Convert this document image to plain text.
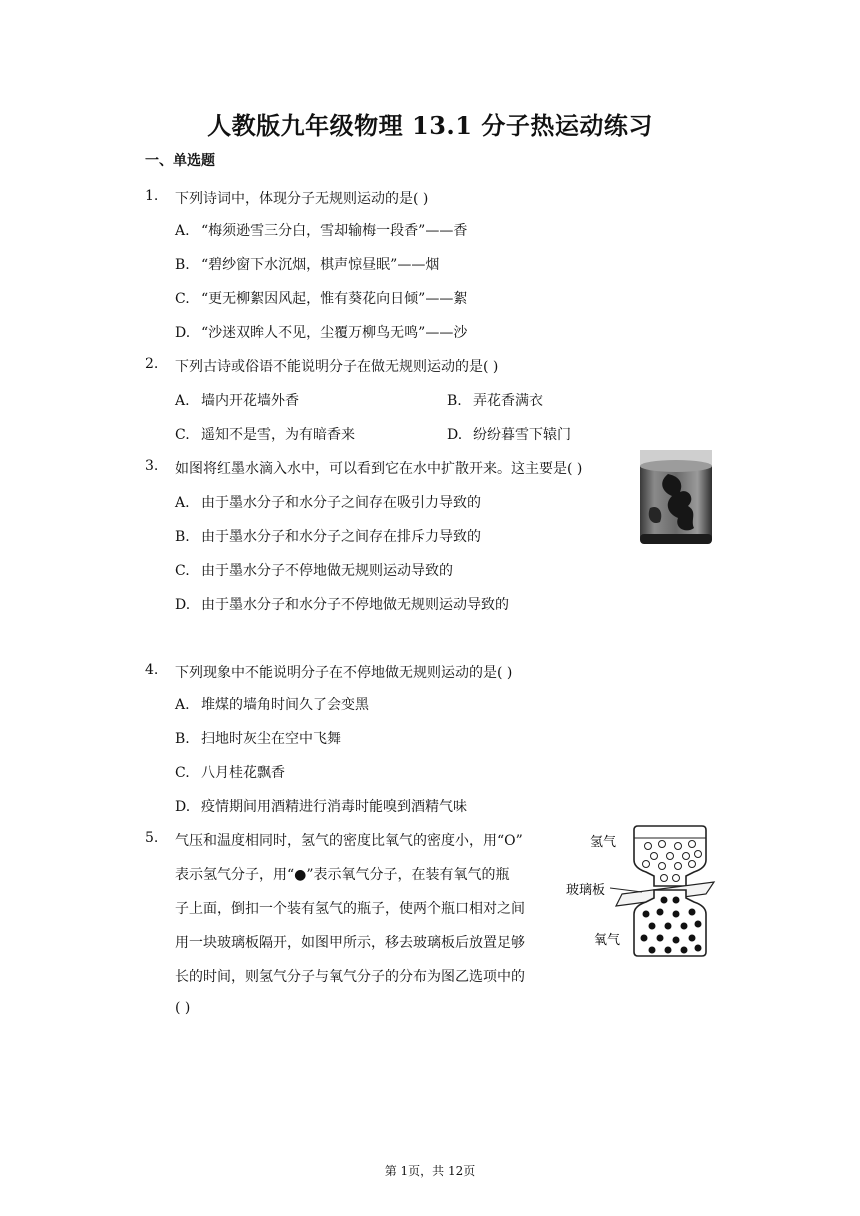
人教版九年级物理 13.1 分子热运动练习
一、单选题
1. 下列诗词中，体现分子无规则运动的是( )
A. “梅须逊雪三分白，雪却输梅一段香”——香
B. “碧纱窗下水沉烟，棋声惊昼眠”——烟
C. “更无柳絮因风起，惟有葵花向日倾”——絮
D. “沙迷双眸人不见，尘覆万柳鸟无鸣”——沙
2. 下列古诗或俗语不能说明分子在做无规则运动的是( )
A. 墙内开花墙外香	B. 弄花香满衣
C. 遥知不是雪，为有暗香来	D. 纷纷暮雪下辕门
3. 如图将红墨水滴入水中，可以看到它在水中扩散开来。这主要是( )
A. 由于墨水分子和水分子之间存在吸引力导致的
B. 由于墨水分子和水分子之间存在排斥力导致的
C. 由于墨水分子不停地做无规则运动导致的
D. 由于墨水分子和水分子不停地做无规则运动导致的
4. 下列现象中不能说明分子在不停地做无规则运动的是( )
A. 堆煤的墙角时间久了会变黑
B. 扫地时灰尘在空中飞舞
C. 八月桂花飘香
D. 疫情期间用酒精进行消毒时能嗅到酒精气味
5. 气压和温度相同时，氢气的密度比氧气的密度小，用“O”
表示氢气分子，用“●”表示氧气分子，在装有氧气的瓶
子上面，倒扣一个装有氢气的瓶子，使两个瓶口相对之间
用一块玻璃板隔开，如图甲所示，移去玻璃板后放置足够
长的时间，则氢气分子与氧气分子的分布为图乙选项中的
( )
氢气
玻璃板
氧气
第 1页，共 12页
